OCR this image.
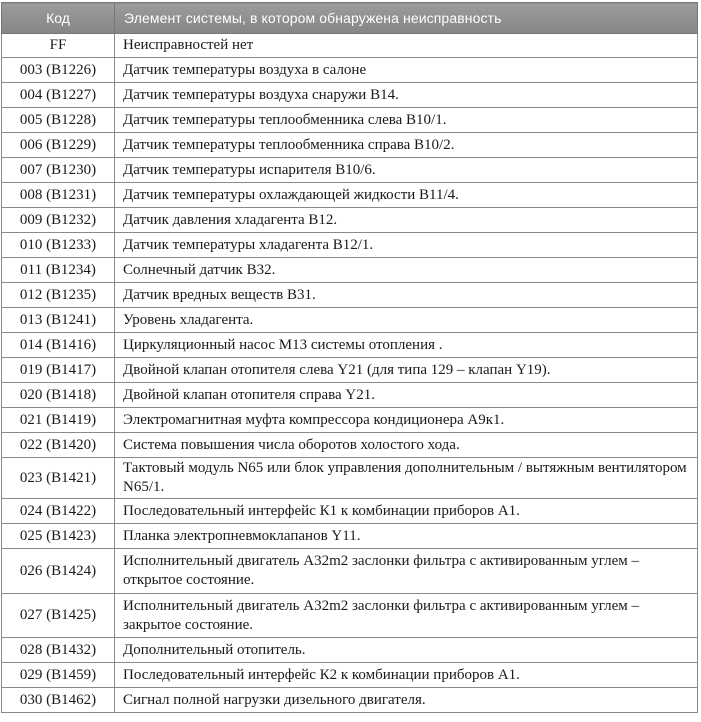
Код	Элемент системы, в котором обнаружена неисправность
FF	Неисправностей нет
003 (B1226)	Датчик температуры воздуха в салоне
004 (B1227)	Датчик температуры воздуха снаружи В14.
005 (B1228)	Датчик температуры теплообменника слева В10/1.
006 (B1229)	Датчик температуры теплообменника справа В10/2.
007 (B1230)	Датчик температуры испарителя В10/6.
008 (B1231)	Датчик температуры охлаждающей жидкости В11/4.
009 (B1232)	Датчик давления хладагента В12.
010 (B1233)	Датчик температуры хладагента В12/1.
011 (B1234)	Солнечный датчик В32.
012 (B1235)	Датчик вредных веществ В31.
013 (B1241)	Уровень хладагента.
014 (B1416)	Циркуляционный насос М13 системы отопления .
019 (B1417)	Двойной клапан отопителя слева Y21 (для типа 129 – клапан Y19).
020 (B1418)	Двойной клапан отопителя справа Y21.
021 (B1419)	Электромагнитная муфта компрессора кондиционера А9к1.
022 (B1420)	Система повышения числа оборотов холостого хода.
023 (B1421)	Тактовый модуль N65 или блок управления дополнительным / вытяжным вентилятором N65/1.
024 (B1422)	Последовательный интерфейс К1 к комбинации приборов А1.
025 (B1423)	Планка электропневмоклапанов Y11.
026 (B1424)	Исполнительный двигатель А32m2 заслонки фильтра с активированным углем – открытое состояние.
027 (B1425)	Исполнительный двигатель А32m2 заслонки фильтра с активированным углем – закрытое состояние.
028 (B1432)	Дополнительный отопитель.
029 (B1459)	Последовательный интерфейс К2 к комбинации приборов А1.
030 (B1462)	Сигнал полной нагрузки дизельного двигателя.
